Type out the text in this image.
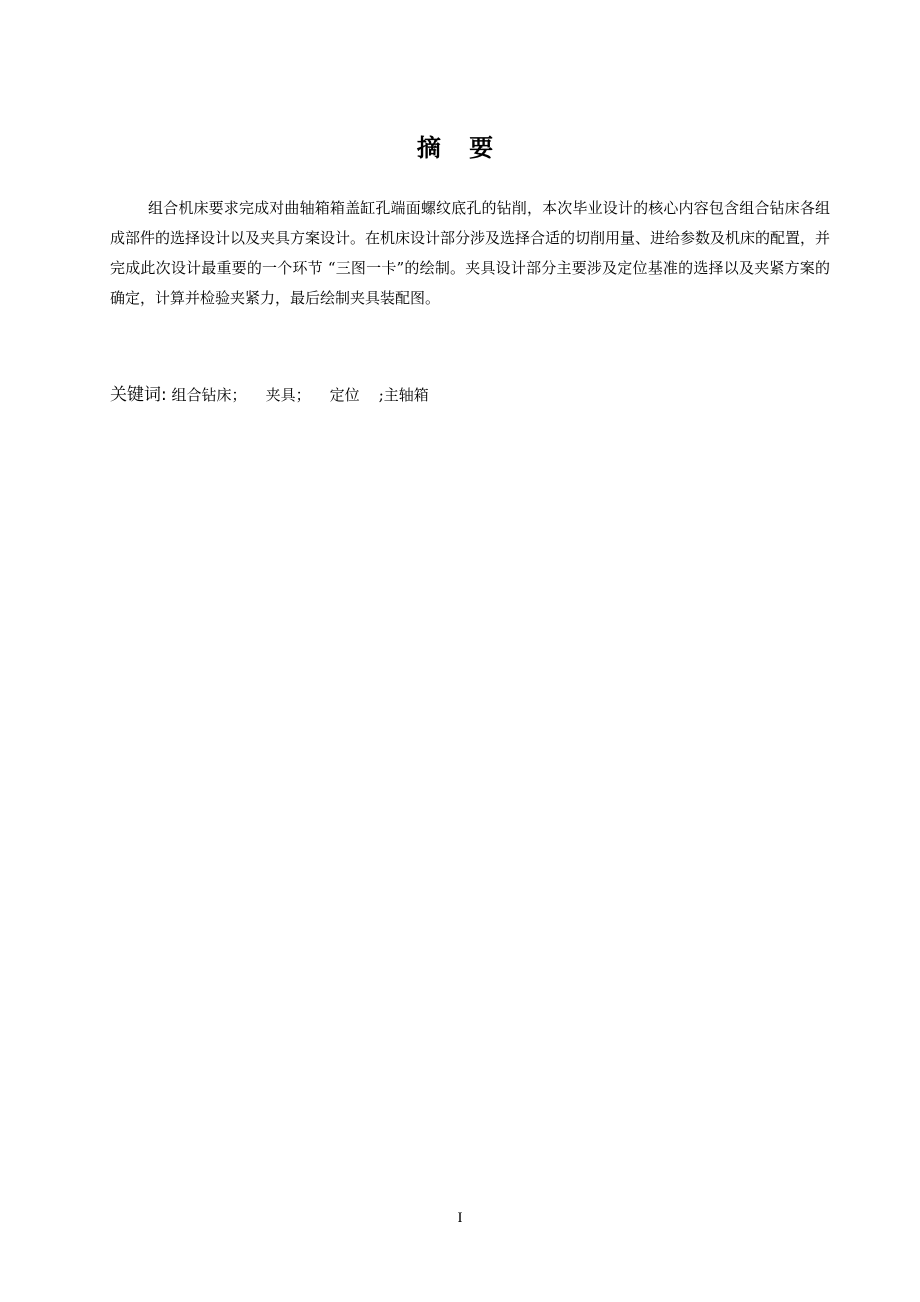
摘 要

组合机床要求完成对曲轴箱箱盖缸孔端面螺纹底孔的钻削，本次毕业设计的核心内容包含组合钻床各组成部件的选择设计以及夹具方案设计。在机床设计部分涉及选择合适的切削用量、进给参数及机床的配置，并完成此次设计最重要的一个环节 “三图一卡”的绘制。夹具设计部分主要涉及定位基准的选择以及夹紧方案的确定，计算并检验夹紧力，最后绘制夹具装配图。

关键词: 组合钻床；    夹具；    定位    ;主轴箱
I
